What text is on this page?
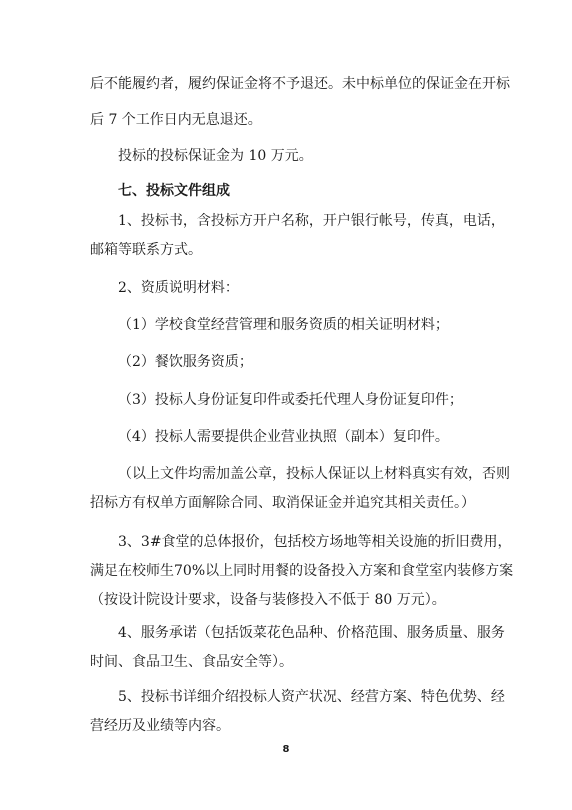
后不能履约者，履约保证金将不予退还。未中标单位的保证金在开标
后 7 个工作日内无息退还。
投标的投标保证金为 10 万元。
七、投标文件组成
1、投标书，含投标方开户名称，开户银行帐号，传真，电话，
邮箱等联系方式。
2、资质说明材料：
（1）学校食堂经营管理和服务资质的相关证明材料；
（2）餐饮服务资质；
（3）投标人身份证复印件或委托代理人身份证复印件；
（4）投标人需要提供企业营业执照（副本）复印件。
（以上文件均需加盖公章，投标人保证以上材料真实有效，否则
招标方有权单方面解除合同、取消保证金并追究其相关责任。）
3、3#食堂的总体报价，包括校方场地等相关设施的折旧费用，
满足在校师生70%以上同时用餐的设备投入方案和食堂室内装修方案
（按设计院设计要求，设备与装修投入不低于 80 万元）。
4、服务承诺（包括饭菜花色品种、价格范围、服务质量、服务
时间、食品卫生、食品安全等）。
5、投标书详细介绍投标人资产状况、经营方案、特色优势、经
营经历及业绩等内容。
8
